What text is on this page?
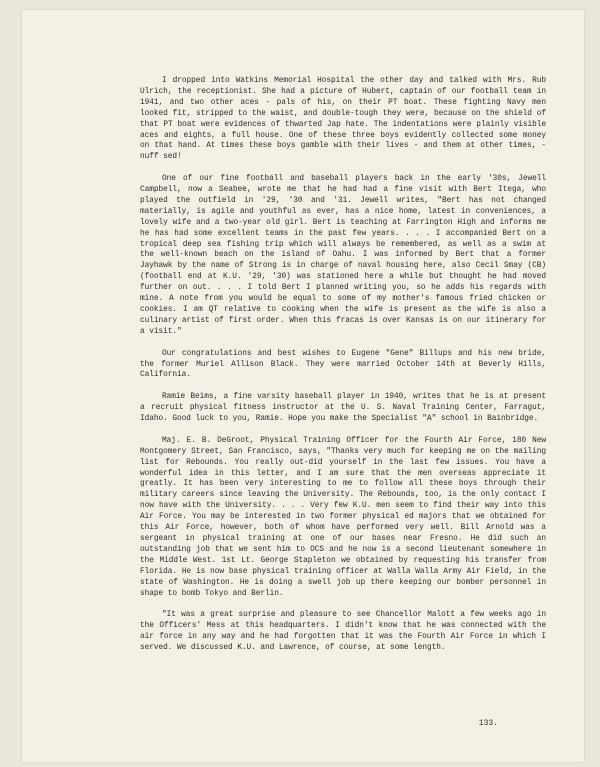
I dropped into Watkins Memorial Hospital the other day and talked with Mrs. Rub Ulrich, the receptionist. She had a picture of Hubert, captain of our football team in 1941, and two other aces - pals of his, on their PT boat. These fighting Navy men looked fit, stripped to the waist, and double-tough they were, because on the shield of that PT boat were evidences of thwarted Jap hate. The indentations were plainly visible aces and eights, a full house. One of these three boys evidently collected some money on that hand. At times these boys gamble with their lives - and them at other times, - nuff sed!

One of our fine football and baseball players back in the early '30s, Jewell Campbell, now a Seabee, wrote me that he had had a fine visit with Bert Itega, who played the outfield in '29, '30 and '31. Jewell writes, "Bert has not changed materially, is agile and youthful as ever, has a nice home, latest in conveniences, a lovely wife and a two-year old girl. Bert is teaching at Farrington High and informs me he has had some excellent teams in the past few years. . . . I accompanied Bert on a tropical deep sea fishing trip which will always be remembered, as well as a swim at the well-known beach on the island of Oahu. I was informed by Bert that a former Jayhawk by the name of Strong is in charge of naval housing here, also Cecil Smay (CB) (football end at K.U. '29, '30) was stationed here a while but thought he had moved further on out. . . . I told Bert I planned writing you, so he adds his regards with mine. A note from you would be equal to some of my mother's famous fried chicken or cookies. I am QT relative to cooking when the wife is present as the wife is also a culinary artist of first order. When this fracas is over Kansas is on our itinerary for a visit."

Our congratulations and best wishes to Eugene "Gene" Billups and his new bride, the former Muriel Allison Black. They were married October 14th at Beverly Hills, California.

Ramie Beims, a fine varsity baseball player in 1940, writes that he is at present a recruit physical fitness instructor at the U. S. Naval Training Center, Farragut, Idaho. Good luck to you, Ramie. Hope you make the Specialist "A" school in Bainbridge.

Maj. E. B. DeGroot, Physical Training Officer for the Fourth Air Force, 180 New Montgomery Street, San Francisco, says, "Thanks very much for keeping me on the mailing list for Rebounds. You really out-did yourself in the last few issues. You have a wonderful idea in this letter, and I am sure that the men overseas appreciate it greatly. It has been very interesting to me to follow all these boys through their military careers since leaving the University. The Rebounds, too, is the only contact I now have with the University. . . . Very few K.U. men seem to find their way into this Air Force. You may be interested in two former physical ed majors that we obtained for this Air Force, however, both of whom have performed very well. Bill Arnold was a sergeant in physical training at one of our bases near Fresno. He did such an outstanding job that we sent him to OCS and he now is a second lieutenant somewhere in the Middle West. 1st Lt. George Stapleton we obtained by requesting his transfer from Florida. He is now base physical training officer at Walla Walla Army Air Field, in the state of Washington. He is doing a swell job up there keeping our bomber personnel in shape to bomb Tokyo and Berlin.

"It was a great surprise and pleasure to see Chancellor Malott a few weeks ago in the Officers' Mess at this headquarters. I didn't know that he was connected with the air force in any way and he had forgotten that it was the Fourth Air Force in which I served. We discussed K.U. and Lawrence, of course, at some length.

133.
